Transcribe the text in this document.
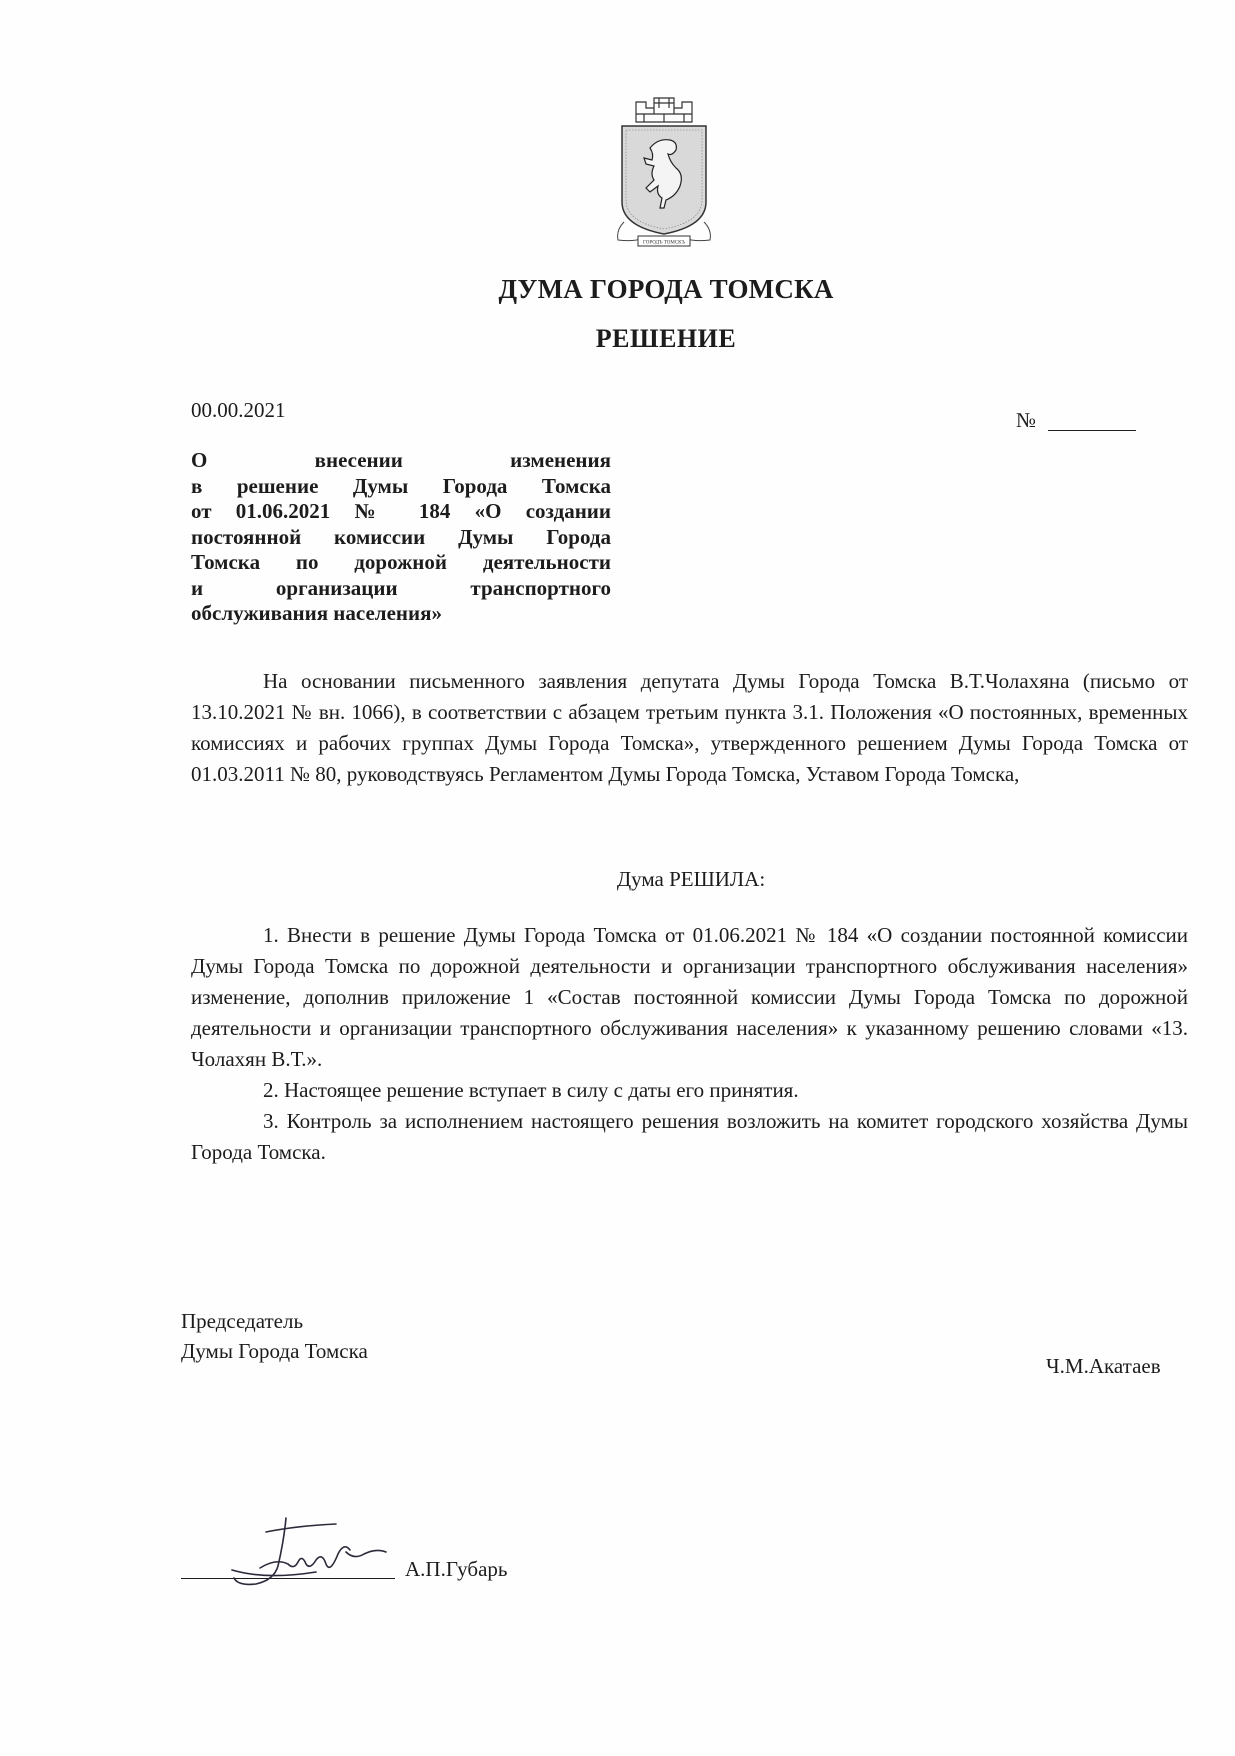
ГОРОДЪ ТОМСКЪ
ДУМА ГОРОДА ТОМСКА
РЕШЕНИЕ
00.00.2021	№
О внесении изменения
в решение Думы Города Томска
от 01.06.2021 № 184 «О создании
постоянной комиссии Думы Города
Томска по дорожной деятельности
и организации транспортного
обслуживания населения»

На основании письменного заявления депутата Думы Города Томска В.Т.Чолахяна (письмо от 13.10.2021 № вн. 1066), в соответствии с абзацем третьим пункта 3.1. Положения «О постоянных, временных комиссиях и рабочих группах Думы Города Томска», утвержденного решением Думы Города Томска от 01.03.2011 № 80, руководствуясь Регламентом Думы Города Томска, Уставом Города Томска,

Дума РЕШИЛА:

1. Внести в решение Думы Города Томска от 01.06.2021 № 184 «О создании постоянной комиссии Думы Города Томска по дорожной деятельности и организации транспортного обслуживания населения» изменение, дополнив приложение 1 «Состав постоянной комиссии Думы Города Томска по дорожной деятельности и организации транспортного обслуживания населения» к указанному решению словами «13. Чолахян В.Т.».

2. Настоящее решение вступает в силу с даты его принятия.

3. Контроль за исполнением настоящего решения возложить на комитет городского хозяйства Думы Города Томска.

Председатель
Думы Города Томска
Ч.М.Акатаев
А.П.Губарь
